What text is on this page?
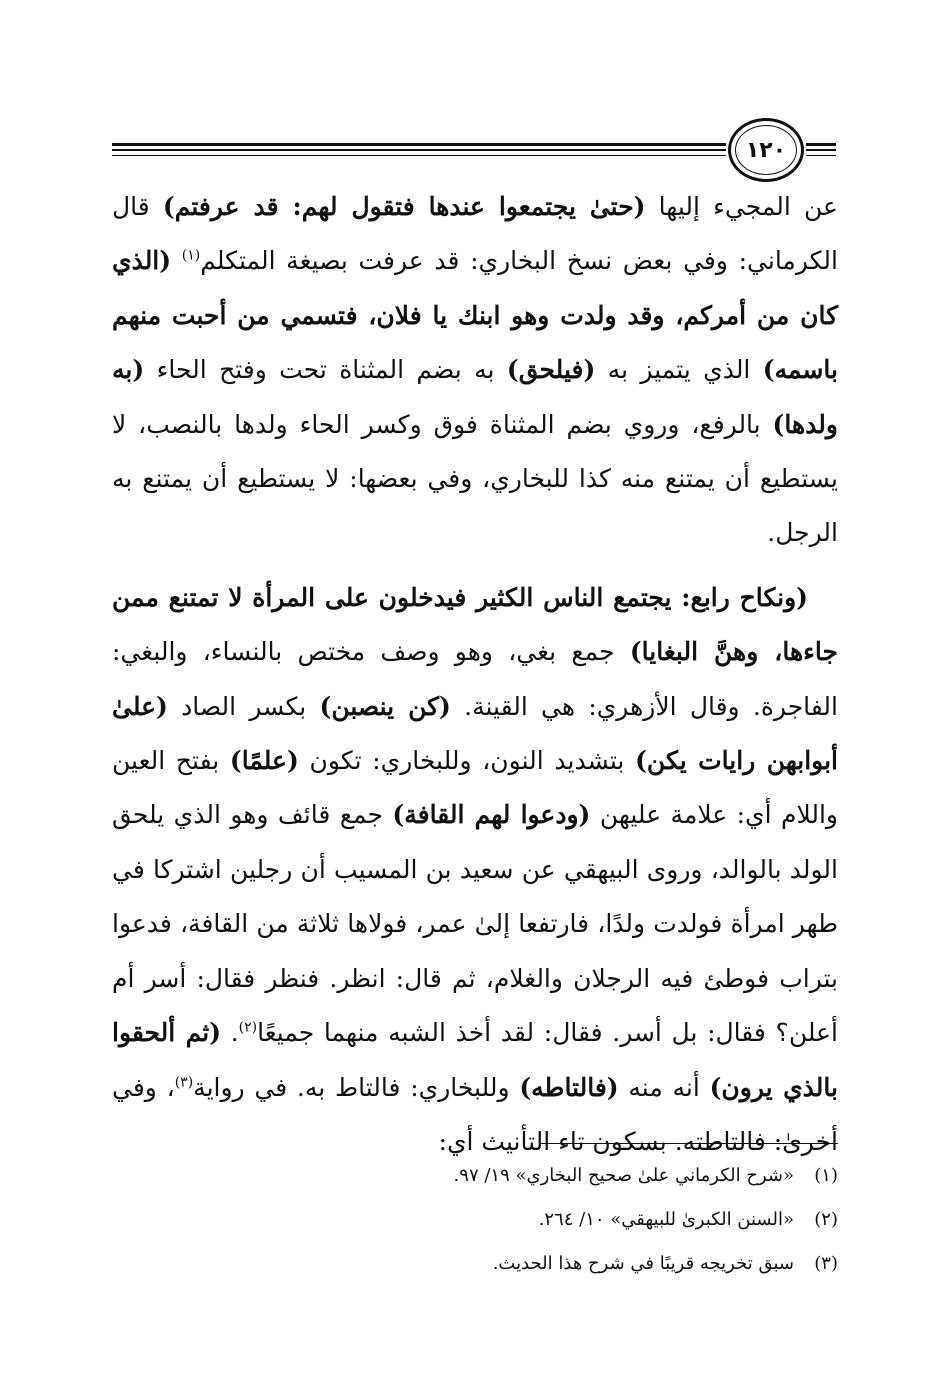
١٢٠

عن المجيء إليها (حتىٰ يجتمعوا عندها فتقول لهم: قد عرفتم) قال الكرماني: وفي بعض نسخ البخاري: قد عرفت بصيغة المتكلم$^{(١)}$ (الذي كان من أمركم، وقد ولدت وهو ابنك يا فلان، فتسمي من أحبت منهم باسمه) الذي يتميز به (فيلحق) به بضم المثناة تحت وفتح الحاء (به ولدها) بالرفع، وروي بضم المثناة فوق وكسر الحاء ولدها بالنصب، لا يستطيع أن يمتنع منه كذا للبخاري، وفي بعضها: لا يستطيع أن يمتنع به الرجل.

(ونكاح رابع: يجتمع الناس الكثير فيدخلون على المرأة لا تمتنع ممن جاءها، وهنَّ البغايا) جمع بغي، وهو وصف مختص بالنساء، والبغي: الفاجرة. وقال الأزهري: هي القينة. (كن ينصبن) بكسر الصاد (علىٰ أبوابهن رايات يكن) بتشديد النون، وللبخاري: تكون (علمًا) بفتح العين واللام أي: علامة عليهن (ودعوا لهم القافة) جمع قائف وهو الذي يلحق الولد بالوالد، وروى البيهقي عن سعيد بن المسيب أن رجلين اشتركا في طهر امرأة فولدت ولدًا، فارتفعا إلىٰ عمر، فولاها ثلاثة من القافة، فدعوا بتراب فوطئ فيه الرجلان والغلام، ثم قال: انظر. فنظر فقال: أسر أم أعلن؟ فقال: بل أسر. فقال: لقد أخذ الشبه منهما جميعًا$^{(٢)}$. (ثم ألحقوا بالذي يرون) أنه منه (فالتاطه) وللبخاري: فالتاط به. في رواية$^{(٣)}$، وفي أخرىٰ: فالتاطته. بسكون تاء التأنيث أي:

(١)«شرح الكرماني علىٰ صحيح البخاري» ١٩/ ٩٧.
(٢)«السنن الكبرىٰ للبيهقي» ١٠/ ٢٦٤.
(٣)سبق تخريجه قريبًا في شرح هذا الحديث.
